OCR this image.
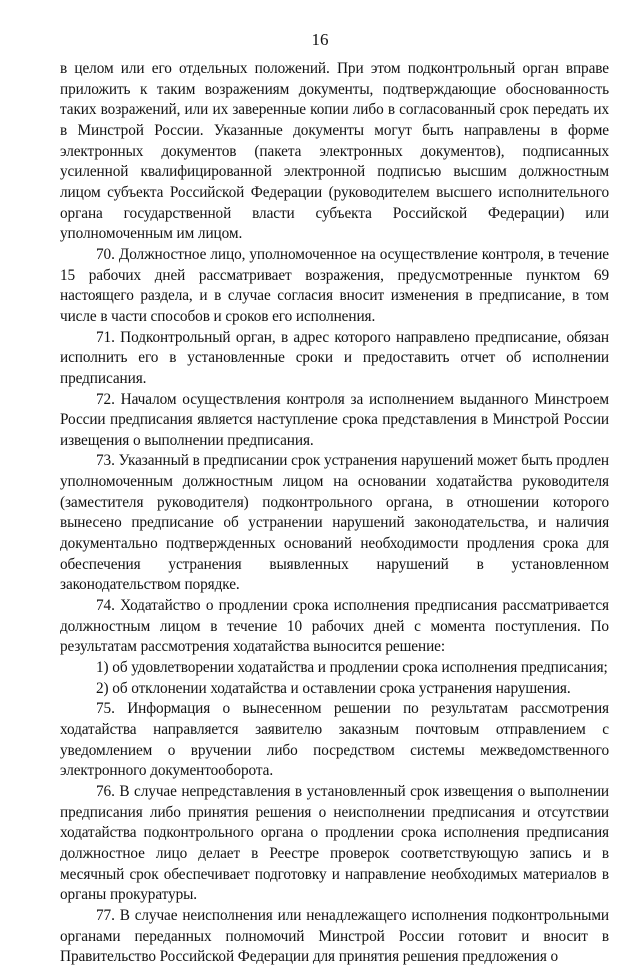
16

в целом или его отдельных положений. При этом подконтрольный орган вправе приложить к таким возражениям документы, подтверждающие обоснованность таких возражений, или их заверенные копии либо в согласованный срок передать их в Минстрой России. Указанные документы могут быть направлены в форме электронных документов (пакета электронных документов), подписанных усиленной квалифицированной электронной подписью высшим должностным лицом субъекта Российской Федерации (руководителем высшего исполнительного органа государственной власти субъекта Российской Федерации) или уполномоченным им лицом.

70. Должностное лицо, уполномоченное на осуществление контроля, в течение 15 рабочих дней рассматривает возражения, предусмотренные пунктом 69 настоящего раздела, и в случае согласия вносит изменения в предписание, в том числе в части способов и сроков его исполнения.

71. Подконтрольный орган, в адрес которого направлено предписание, обязан исполнить его в установленные сроки и предоставить отчет об исполнении предписания.

72. Началом осуществления контроля за исполнением выданного Минстроем России предписания является наступление срока представления в Минстрой России извещения о выполнении предписания.

73. Указанный в предписании срок устранения нарушений может быть продлен уполномоченным должностным лицом на основании ходатайства руководителя (заместителя руководителя) подконтрольного органа, в отношении которого вынесено предписание об устранении нарушений законодательства, и наличия документально подтвержденных оснований необходимости продления срока для обеспечения устранения выявленных нарушений в установленном законодательством порядке.

74. Ходатайство о продлении срока исполнения предписания рассматривается должностным лицом в течение 10 рабочих дней с момента поступления. По результатам рассмотрения ходатайства выносится решение:

1) об удовлетворении ходатайства и продлении срока исполнения предписания;

2) об отклонении ходатайства и оставлении срока устранения нарушения.

75. Информация о вынесенном решении по результатам рассмотрения ходатайства направляется заявителю заказным почтовым отправлением с уведомлением о вручении либо посредством системы межведомственного электронного документооборота.

76. В случае непредставления в установленный срок извещения о выполнении предписания либо принятия решения о неисполнении предписания и отсутствии ходатайства подконтрольного органа о продлении срока исполнения предписания должностное лицо делает в Реестре проверок соответствующую запись и в месячный срок обеспечивает подготовку и направление необходимых материалов в органы прокуратуры.

77. В случае неисполнения или ненадлежащего исполнения подконтрольными органами переданных полномочий Минстрой России готовит и вносит в Правительство Российской Федерации для принятия решения предложения о
